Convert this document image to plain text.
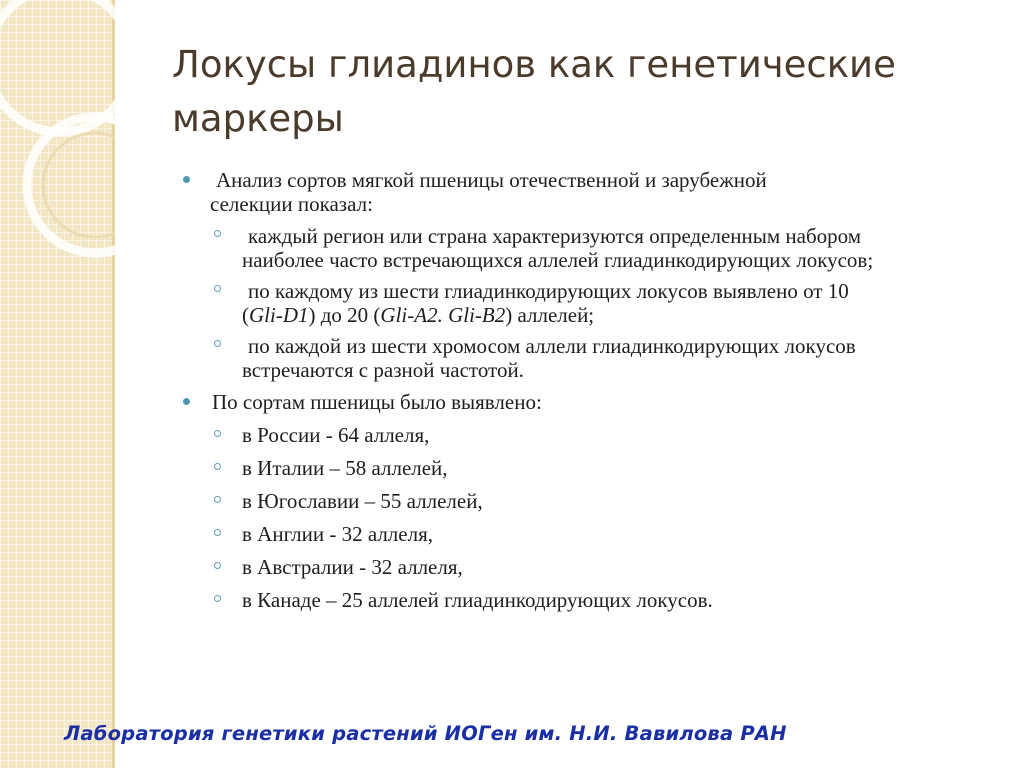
Локусы глиадинов как генетические
маркеры

Анализ сортов мягкой пшеницы отечественной и зарубежной

селекции показал:

каждый регион или страна характеризуются определенным набором

наиболее часто встречающихся аллелей глиадинкодирующих локусов;

по каждому из шести глиадинкодирующих локусов выявлено от 10

(Gli-D1) до 20 (Gli-A2. Gli-B2) аллелей;

по каждой из шести хромосом аллели глиадинкодирующих локусов

встречаются с разной частотой.

По сортам пшеницы было выявлено:

в России - 64 аллеля,

в Италии – 58 аллелей,

в Югославии – 55 аллелей,

в Англии - 32 аллеля,

в Австралии - 32 аллеля,

в Канаде – 25 аллелей глиадинкодирующих локусов.

Лаборатория генетики растений ИОГен им. Н.И. Вавилова РАН
